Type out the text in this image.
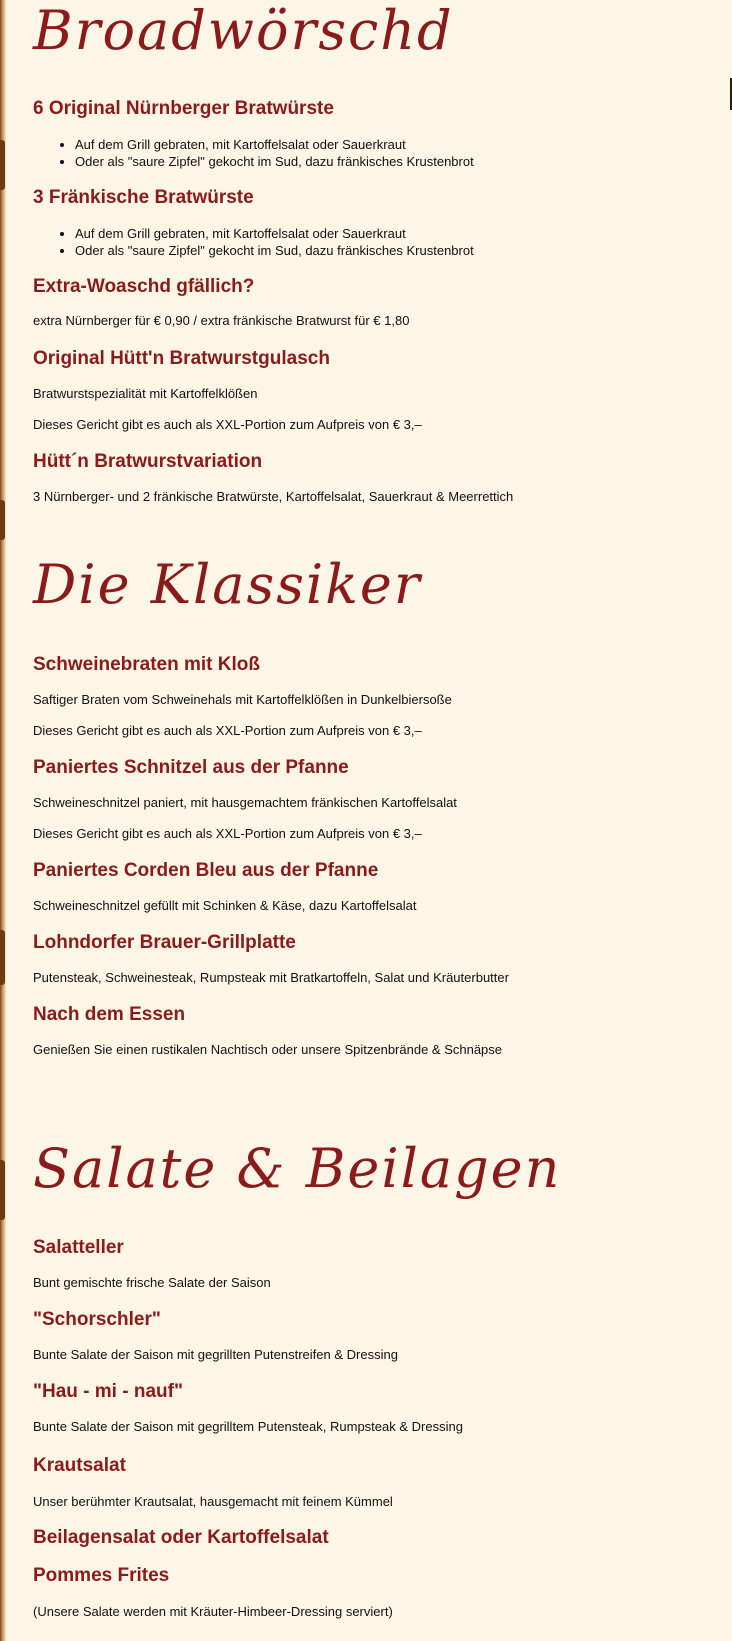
Broadwörschd
6 Original Nürnberger Bratwürste
• Auf dem Grill gebraten, mit Kartoffelsalat oder Sauerkraut
• Oder als "saure Zipfel" gekocht im Sud, dazu fränkisches Krustenbrot
3 Fränkische Bratwürste
• Auf dem Grill gebraten, mit Kartoffelsalat oder Sauerkraut
• Oder als "saure Zipfel" gekocht im Sud, dazu fränkisches Krustenbrot
Extra-Woaschd gfällich?

extra Nürnberger für € 0,90 / extra fränkische Bratwurst für € 1,80

Original Hütt'n Bratwurstgulasch

Bratwurstspezialität mit Kartoffelklößen

Dieses Gericht gibt es auch als XXL-Portion zum Aufpreis von € 3,–

Hütt´n Bratwurstvariation

3 Nürnberger- und 2 fränkische Bratwürste, Kartoffelsalat, Sauerkraut & Meerrettich

Die Klassiker
Schweinebraten mit Kloß

Saftiger Braten vom Schweinehals mit Kartoffelklößen in Dunkelbiersoße

Dieses Gericht gibt es auch als XXL-Portion zum Aufpreis von € 3,–

Paniertes Schnitzel aus der Pfanne

Schweineschnitzel paniert, mit hausgemachtem fränkischen Kartoffelsalat

Dieses Gericht gibt es auch als XXL-Portion zum Aufpreis von € 3,–

Paniertes Corden Bleu aus der Pfanne

Schweineschnitzel gefüllt mit Schinken & Käse, dazu Kartoffelsalat

Lohndorfer Brauer-Grillplatte

Putensteak, Schweinesteak, Rumpsteak mit Bratkartoffeln, Salat und Kräuterbutter

Nach dem Essen

Genießen Sie einen rustikalen Nachtisch oder unsere Spitzenbrände & Schnäpse

Salate & Beilagen
Salatteller

Bunt gemischte frische Salate der Saison

"Schorschler"

Bunte Salate der Saison mit gegrillten Putenstreifen & Dressing

"Hau - mi - nauf"

Bunte Salate der Saison mit gegrilltem Putensteak, Rumpsteak & Dressing

Krautsalat

Unser berühmter Krautsalat, hausgemacht mit feinem Kümmel

Beilagensalat oder Kartoffelsalat
Pommes Frites

(Unsere Salate werden mit Kräuter-Himbeer-Dressing serviert)
